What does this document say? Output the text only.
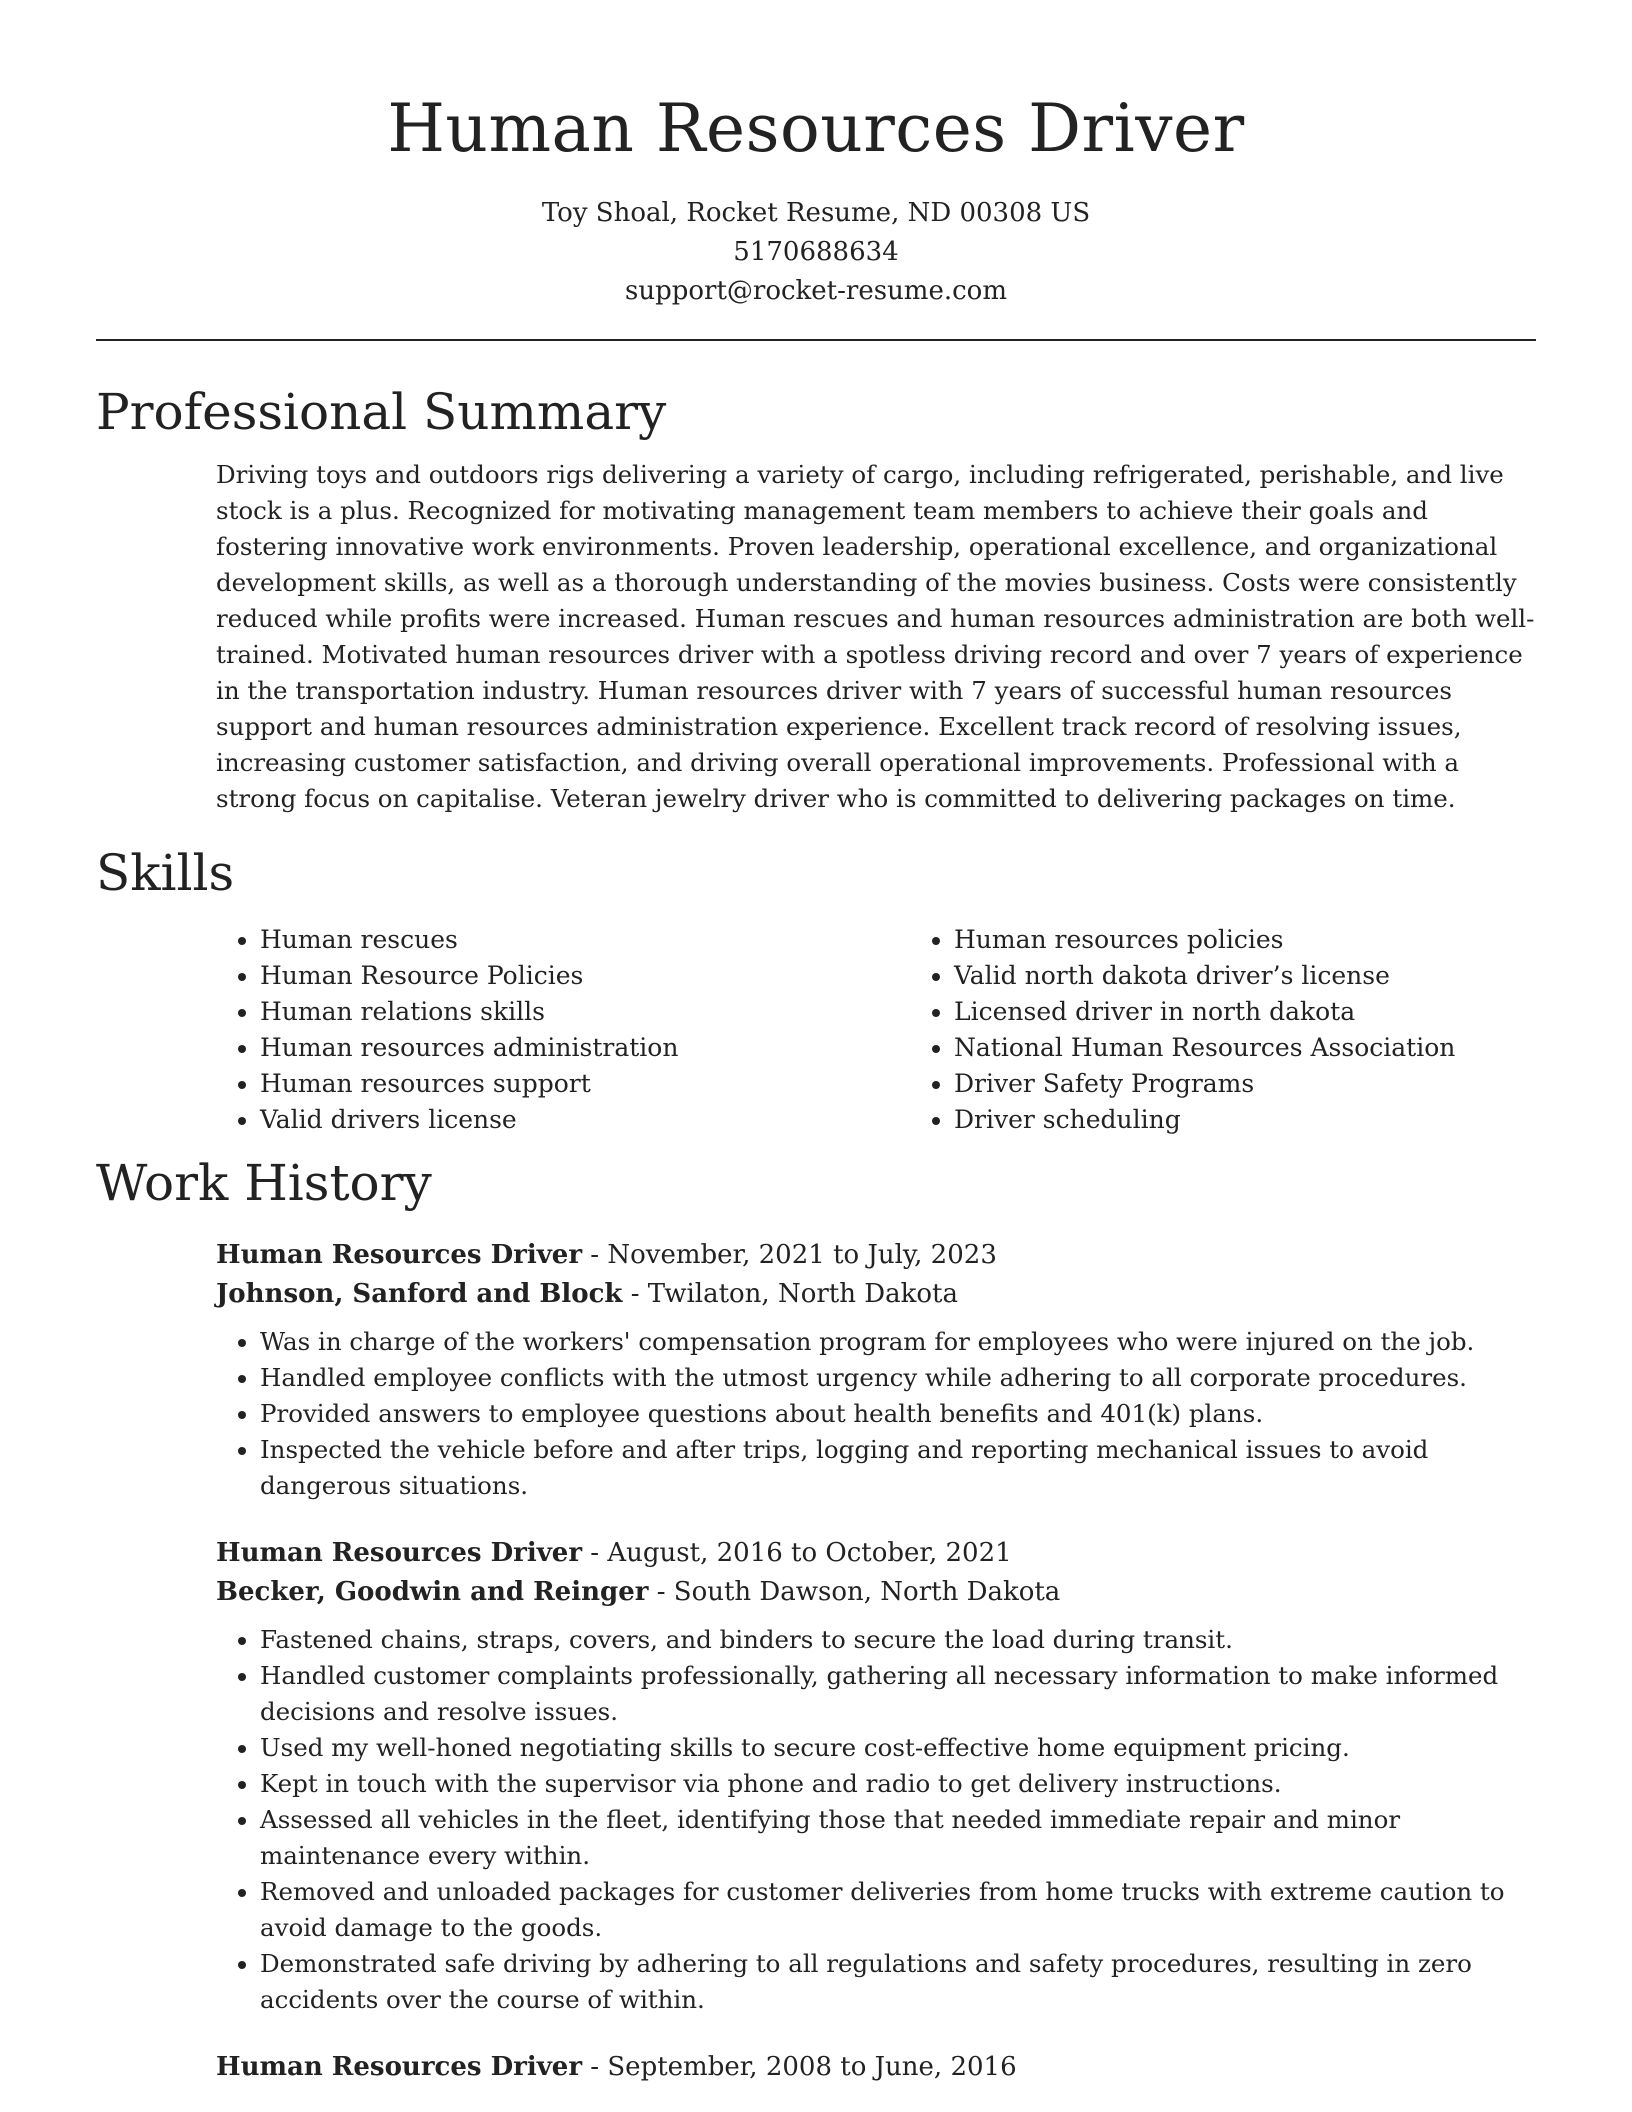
Human Resources Driver
Toy Shoal, Rocket Resume, ND 00308 US
5170688634
support@rocket-resume.com
Professional Summary

Driving toys and outdoors rigs delivering a variety of cargo, including refrigerated, perishable, and live stock is a plus. Recognized for motivating management team members to achieve their goals and fostering innovative work environments. Proven leadership, operational excellence, and organizational development skills, as well as a thorough understanding of the movies business. Costs were consistently reduced while profits were increased. Human rescues and human resources administration are both well-trained. Motivated human resources driver with a spotless driving record and over 7 years of experience in the transportation industry. Human resources driver with 7 years of successful human resources support and human resources administration experience. Excellent track record of resolving issues, increasing customer satisfaction, and driving overall operational improvements. Professional with a strong focus on capitalise. Veteran jewelry driver who is committed to delivering packages on time.

Skills
• Human rescues
• Human Resource Policies
• Human relations skills
• Human resources administration
• Human resources support
• Valid drivers license
• Human resources policies
• Valid north dakota driver’s license
• Licensed driver in north dakota
• National Human Resources Association
• Driver Safety Programs
• Driver scheduling
Work History
Human Resources Driver - November, 2021 to July, 2023
Johnson, Sanford and Block - Twilaton, North Dakota
• Was in charge of the workers' compensation program for employees who were injured on the job.
• Handled employee conflicts with the utmost urgency while adhering to all corporate procedures.
• Provided answers to employee questions about health benefits and 401(k) plans.
• Inspected the vehicle before and after trips, logging and reporting mechanical issues to avoid dangerous situations.
Human Resources Driver - August, 2016 to October, 2021
Becker, Goodwin and Reinger - South Dawson, North Dakota
• Fastened chains, straps, covers, and binders to secure the load during transit.
• Handled customer complaints professionally, gathering all necessary information to make informed decisions and resolve issues.
• Used my well-honed negotiating skills to secure cost-effective home equipment pricing.
• Kept in touch with the supervisor via phone and radio to get delivery instructions.
• Assessed all vehicles in the fleet, identifying those that needed immediate repair and minor maintenance every within.
• Removed and unloaded packages for customer deliveries from home trucks with extreme caution to avoid damage to the goods.
• Demonstrated safe driving by adhering to all regulations and safety procedures, resulting in zero accidents over the course of within.
Human Resources Driver - September, 2008 to June, 2016
